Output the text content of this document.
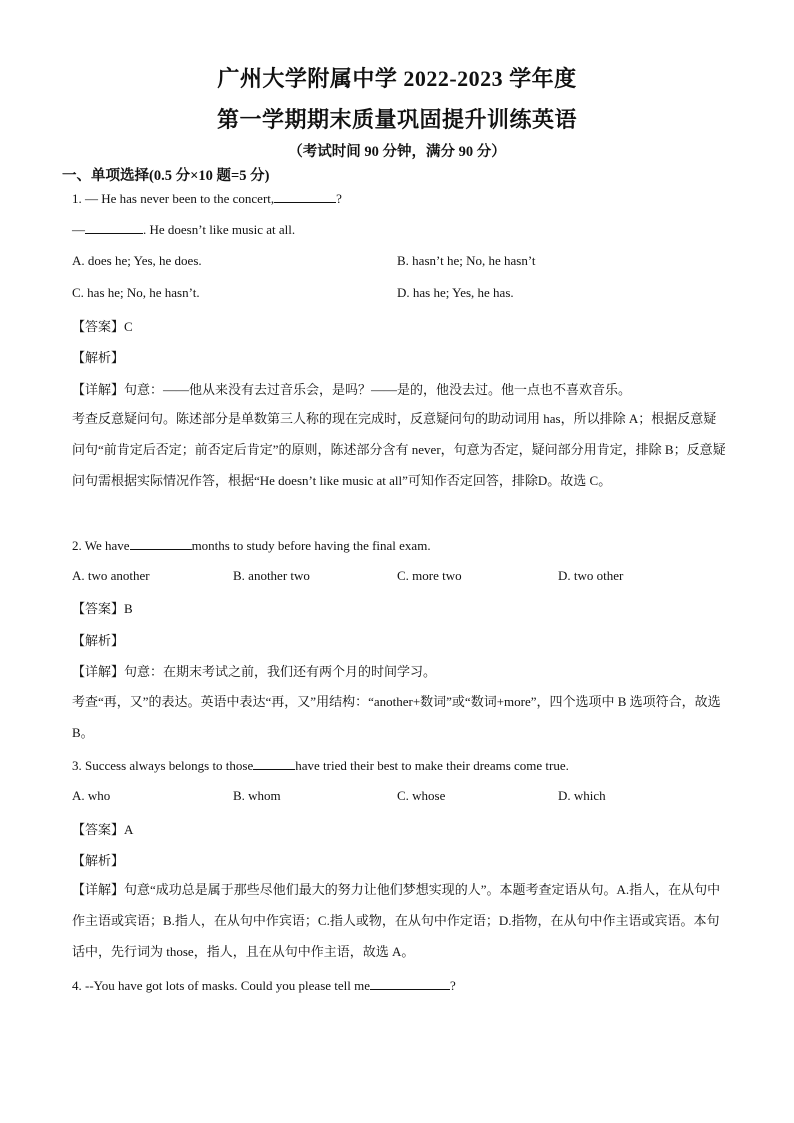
广州大学附属中学 2022-2023 学年度
第一学期期末质量巩固提升训练英语
（考试时间 90 分钟，满分 90 分）
一、单项选择(0.5 分×10 题=5 分)
1. — He has never been to the concert,	?
—	. He doesn’t like music at all.
A. does he; Yes, he does.	B. hasn’t he; No, he hasn’t
C. has he; No, he hasn’t.	D. has he; Yes, he has.
【答案】C
【解析】
【详解】句意：——他从来没有去过音乐会，是吗？——是的，他没去过。他一点也不喜欢音乐。
考查反意疑问句。陈述部分是单数第三人称的现在完成时，反意疑问句的助动词用 has，所以排除 A；根据反意疑问句“前肯定后否定；前否定后肯定”的原则，陈述部分含有 never，句意为否定，疑问部分用肯定，排除 B；反意疑问句需根据实际情况作答，根据“He doesn’t like music at all”可知作否定回答，排除D。故选 C。
2. We have	months to study before having the final exam.
A. two another	B. another two	C. more two	D. two other
【答案】B
【解析】
【详解】句意：在期末考试之前，我们还有两个月的时间学习。
考查“再，又”的表达。英语中表达“再，又”用结构：“another+数词”或“数词+more”，四个选项中 B 选项符合，故选 B。
3. Success always belongs to those	have tried their best to make their dreams come true.
A. who	B. whom	C. whose	D. which
【答案】A
【解析】
【详解】句意“成功总是属于那些尽他们最大的努力让他们梦想实现的人”。本题考查定语从句。A.指人，在从句中作主语或宾语；B.指人，在从句中作宾语；C.指人或物，在从句中作定语；D.指物，在从句中作主语或宾语。本句话中，先行词为 those，指人，且在从句中作主语，故选 A。
4. --You have got lots of masks. Could you please tell me	?
